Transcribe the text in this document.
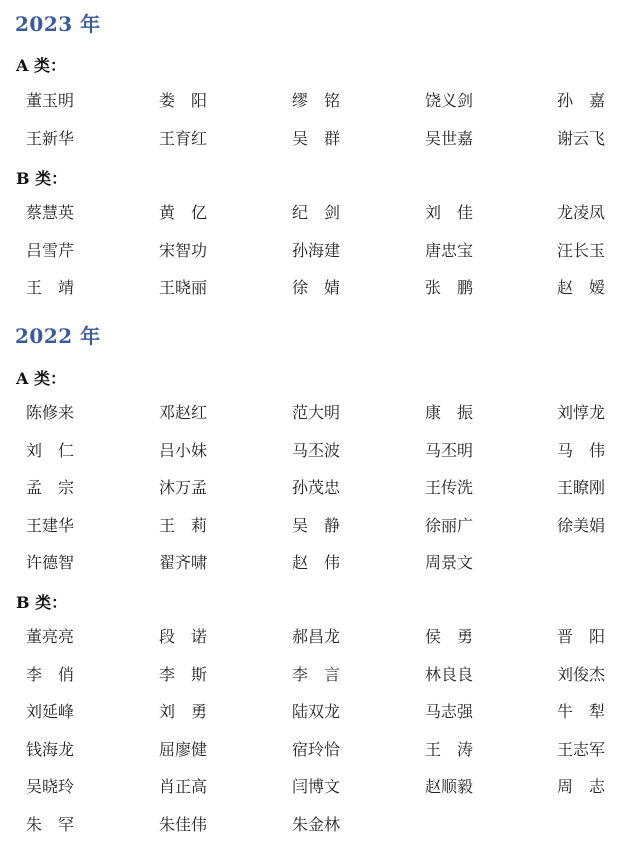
2023 年
A 类：
董玉明	娄　阳	缪　铭	饶义剑	孙　嘉
王新华	王育红	吴　群	吴世嘉	谢云飞
B 类：
蔡慧英	黄　亿	纪　剑	刘　佳	龙凌凤
吕雪芹	宋智功	孙海建	唐忠宝	汪长玉
王　靖	王晓丽	徐　婧	张　鹏	赵　嫒
2022 年
A 类：
陈修来	邓赵红	范大明	康　振	刘惇龙
刘　仁	吕小妹	马丕波	马丕明	马　伟
孟　宗	沐万孟	孙茂忠	王传洗	王瞭刚
王建华	王　莉	吴　静	徐丽广	徐美娟
许德智	翟齐啸	赵　伟	周景文
B 类：
董亮亮	段　诺	郝昌龙	侯　勇	晋　阳
李　俏	李　斯	李　言	林良良	刘俊杰
刘延峰	刘　勇	陆双龙	马志强	牛　犁
钱海龙	屈廖健	宿玲恰	王　涛	王志军
吴晓玲	肖正高	闫博文	赵顺毅	周　志
朱　罕	朱佳伟	朱金林
